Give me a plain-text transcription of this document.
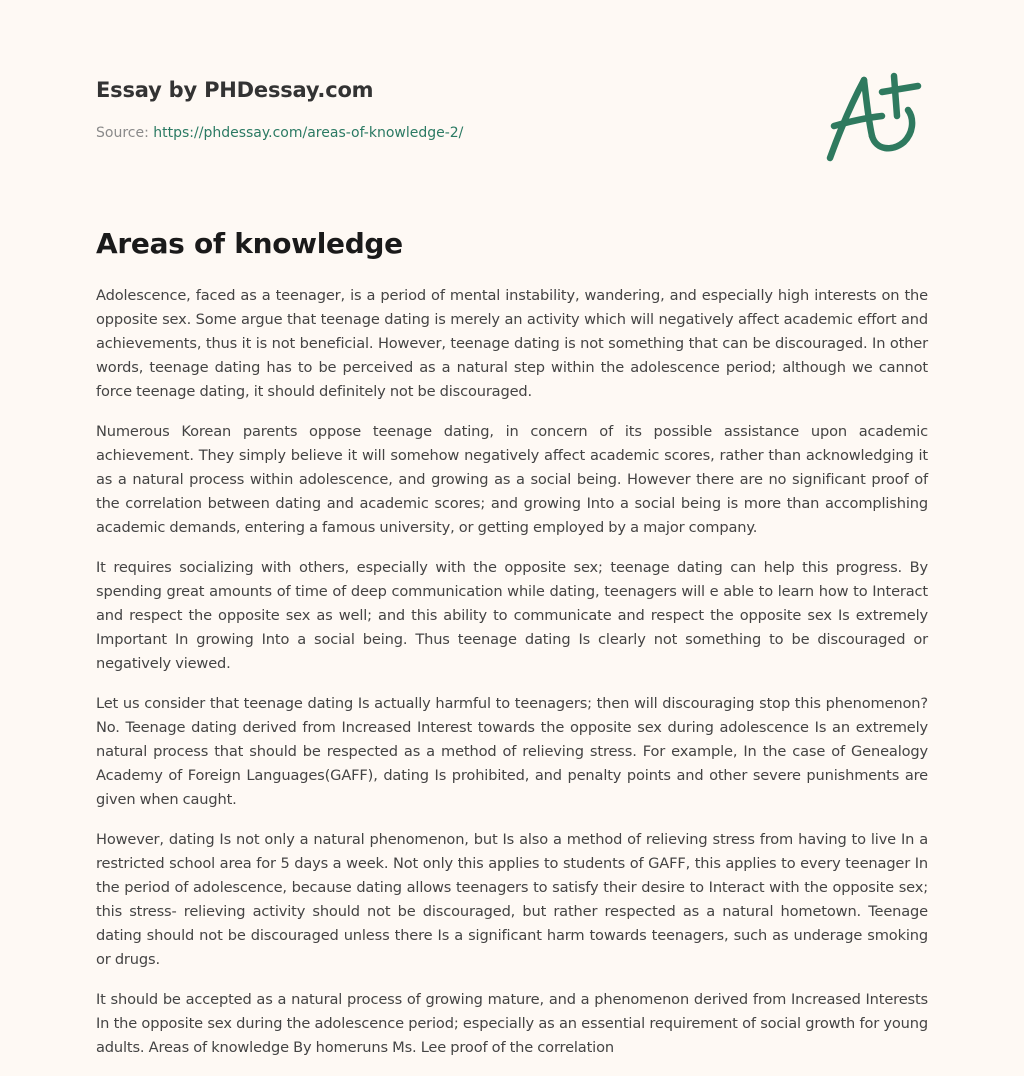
Essay by PHDessay.com
Source: https://phdessay.com/areas-of-knowledge-2/
Areas of knowledge

Adolescence, faced as a teenager, is a period of mental instability, wandering, and especially high interests on the opposite sex. Some argue that teenage dating is merely an activity which will negatively affect academic effort and achievements, thus it is not beneficial. However, teenage dating is not something that can be discouraged. In other words, teenage dating has to be perceived as a natural step within the adolescence period; although we cannot force teenage dating, it should definitely not be discouraged.

Numerous Korean parents oppose teenage dating, in concern of its possible assistance upon academic achievement. They simply believe it will somehow negatively affect academic scores, rather than acknowledging it as a natural process within adolescence, and growing as a social being. However there are no significant proof of the correlation between dating and academic scores; and growing Into a social being is more than accomplishing academic demands, entering a famous university, or getting employed by a major company.

It requires socializing with others, especially with the opposite sex; teenage dating can help this progress. By spending great amounts of time of deep communication while dating, teenagers will e able to learn how to Interact and respect the opposite sex as well; and this ability to communicate and respect the opposite sex Is extremely Important In growing Into a social being. Thus teenage dating Is clearly not something to be discouraged or negatively viewed.

Let us consider that teenage dating Is actually harmful to teenagers; then will discouraging stop this phenomenon? No. Teenage dating derived from Increased Interest towards the opposite sex during adolescence Is an extremely natural process that should be respected as a method of relieving stress. For example, In the case of Genealogy Academy of Foreign Languages(GAFF), dating Is prohibited, and penalty points and other severe punishments are given when caught.

However, dating Is not only a natural phenomenon, but Is also a method of relieving stress from having to live In a restricted school area for 5 days a week. Not only this applies to students of GAFF, this applies to every teenager In the period of adolescence, because dating allows teenagers to satisfy their desire to Interact with the opposite sex; this stress- relieving activity should not be discouraged, but rather respected as a natural hometown. Teenage dating should not be discouraged unless there Is a significant harm towards teenagers, such as underage smoking or drugs.

It should be accepted as a natural process of growing mature, and a phenomenon derived from Increased Interests In the opposite sex during the adolescence period; especially as an essential requirement of social growth for young adults. Areas of knowledge By homeruns Ms. Lee proof of the correlation
